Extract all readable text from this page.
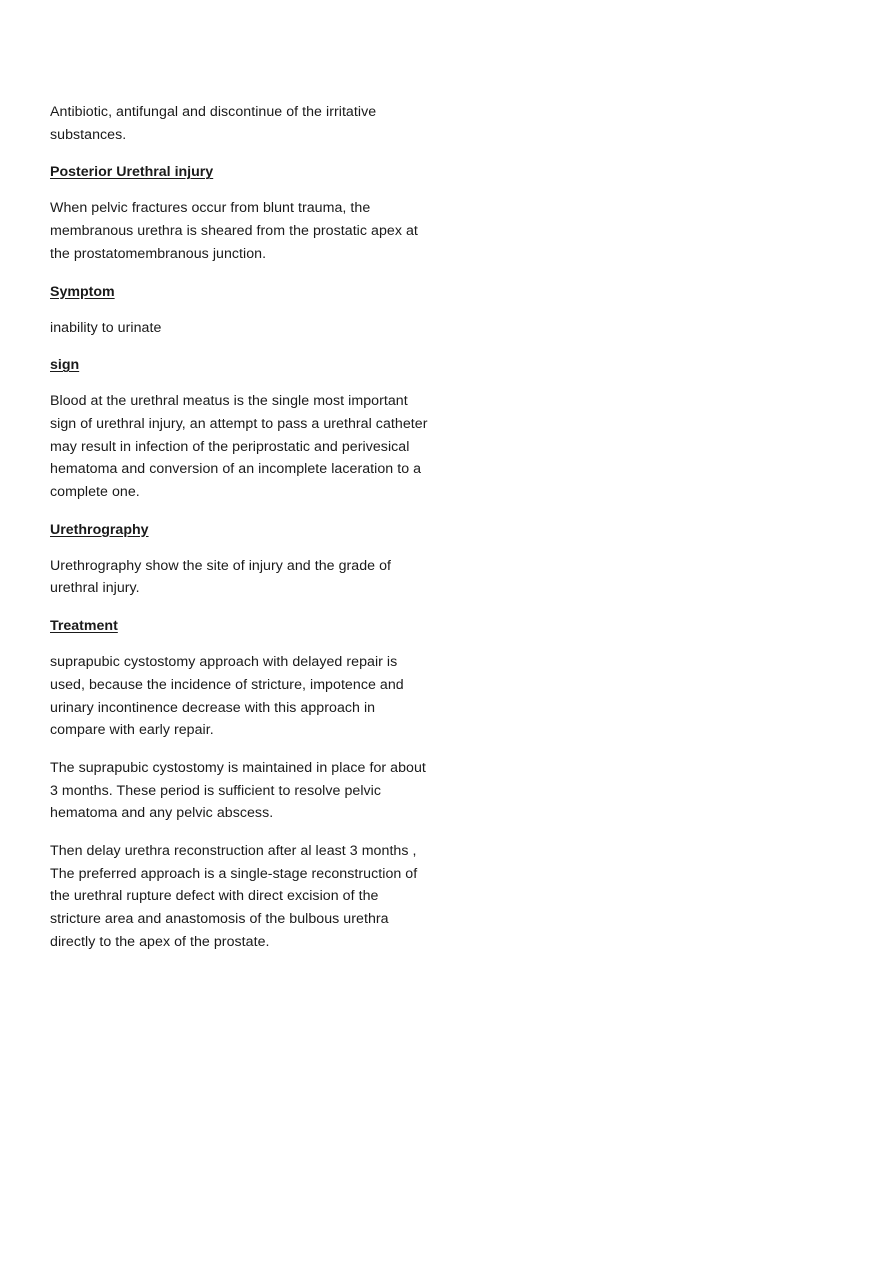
Antibiotic, antifungal and discontinue of the irritative substances.

Posterior Urethral injury

When pelvic fractures occur from blunt trauma, the membranous urethra is sheared from the prostatic apex at the prostatomembranous junction.

Symptom

inability to urinate

sign

Blood at the urethral meatus is the single most important sign of urethral injury, an attempt to pass a urethral catheter may result in infection of the periprostatic and perivesical hematoma and conversion of an incomplete laceration to a complete one.

Urethrography

Urethrography show the site of injury and the grade of urethral injury.

Treatment

suprapubic cystostomy approach with delayed repair is used, because the incidence of stricture, impotence and urinary incontinence decrease with this approach in compare with early repair.

The suprapubic cystostomy is maintained in place for about 3 months. These period is sufficient to resolve pelvic hematoma and any pelvic abscess.

Then delay urethra reconstruction after al least 3 months , The preferred approach is a single-stage reconstruction of the urethral rupture defect with direct excision of the stricture area and anastomosis of the bulbous urethra directly to the apex of the prostate.
